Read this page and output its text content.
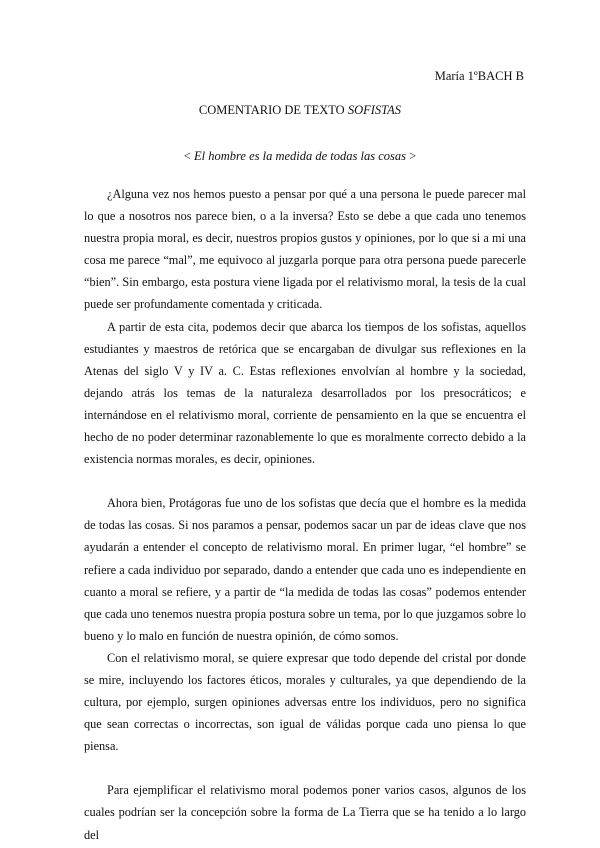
María 1ºBACH B
COMENTARIO DE TEXTO SOFISTAS
< El hombre es la medida de todas las cosas >

¿Alguna vez nos hemos puesto a pensar por qué a una persona le puede parecer mal lo que a nosotros nos parece bien, o a la inversa? Esto se debe a que cada uno tenemos nuestra propia moral, es decir, nuestros propios gustos y opiniones, por lo que si a mi una cosa me parece “mal”, me equivoco al juzgarla porque para otra persona puede parecerle “bien”. Sin embargo, esta postura viene ligada por el relativismo moral, la tesis de la cual puede ser profundamente comentada y criticada.

A partir de esta cita, podemos decir que abarca los tiempos de los sofistas, aquellos estudiantes y maestros de retórica que se encargaban de divulgar sus reflexiones en la Atenas del siglo V y IV a. C. Estas reflexiones envolvían al hombre y la sociedad, dejando atrás los temas de la naturaleza desarrollados por los presocráticos; e internándose en el relativismo moral, corriente de pensamiento en la que se encuentra el hecho de no poder determinar razonablemente lo que es moralmente correcto debido a la existencia normas morales, es decir, opiniones.

Ahora bien, Protágoras fue uno de los sofistas que decía que el hombre es la medida de todas las cosas. Si nos paramos a pensar, podemos sacar un par de ideas clave que nos ayudarán a entender el concepto de relativismo moral. En primer lugar, “el hombre” se refiere a cada individuo por separado, dando a entender que cada uno es independiente en cuanto a moral se refiere, y a partir de “la medida de todas las cosas” podemos entender que cada uno tenemos nuestra propia postura sobre un tema, por lo que juzgamos sobre lo bueno y lo malo en función de nuestra opinión, de cómo somos.

Con el relativismo moral, se quiere expresar que todo depende del cristal por donde se mire, incluyendo los factores éticos, morales y culturales, ya que dependiendo de la cultura, por ejemplo, surgen opiniones adversas entre los individuos, pero no significa que sean correctas o incorrectas, son igual de válidas porque cada uno piensa lo que piensa.

Para ejemplificar el relativismo moral podemos poner varios casos, algunos de los cuales podrían ser la concepción sobre la forma de La Tierra que se ha tenido a lo largo del
